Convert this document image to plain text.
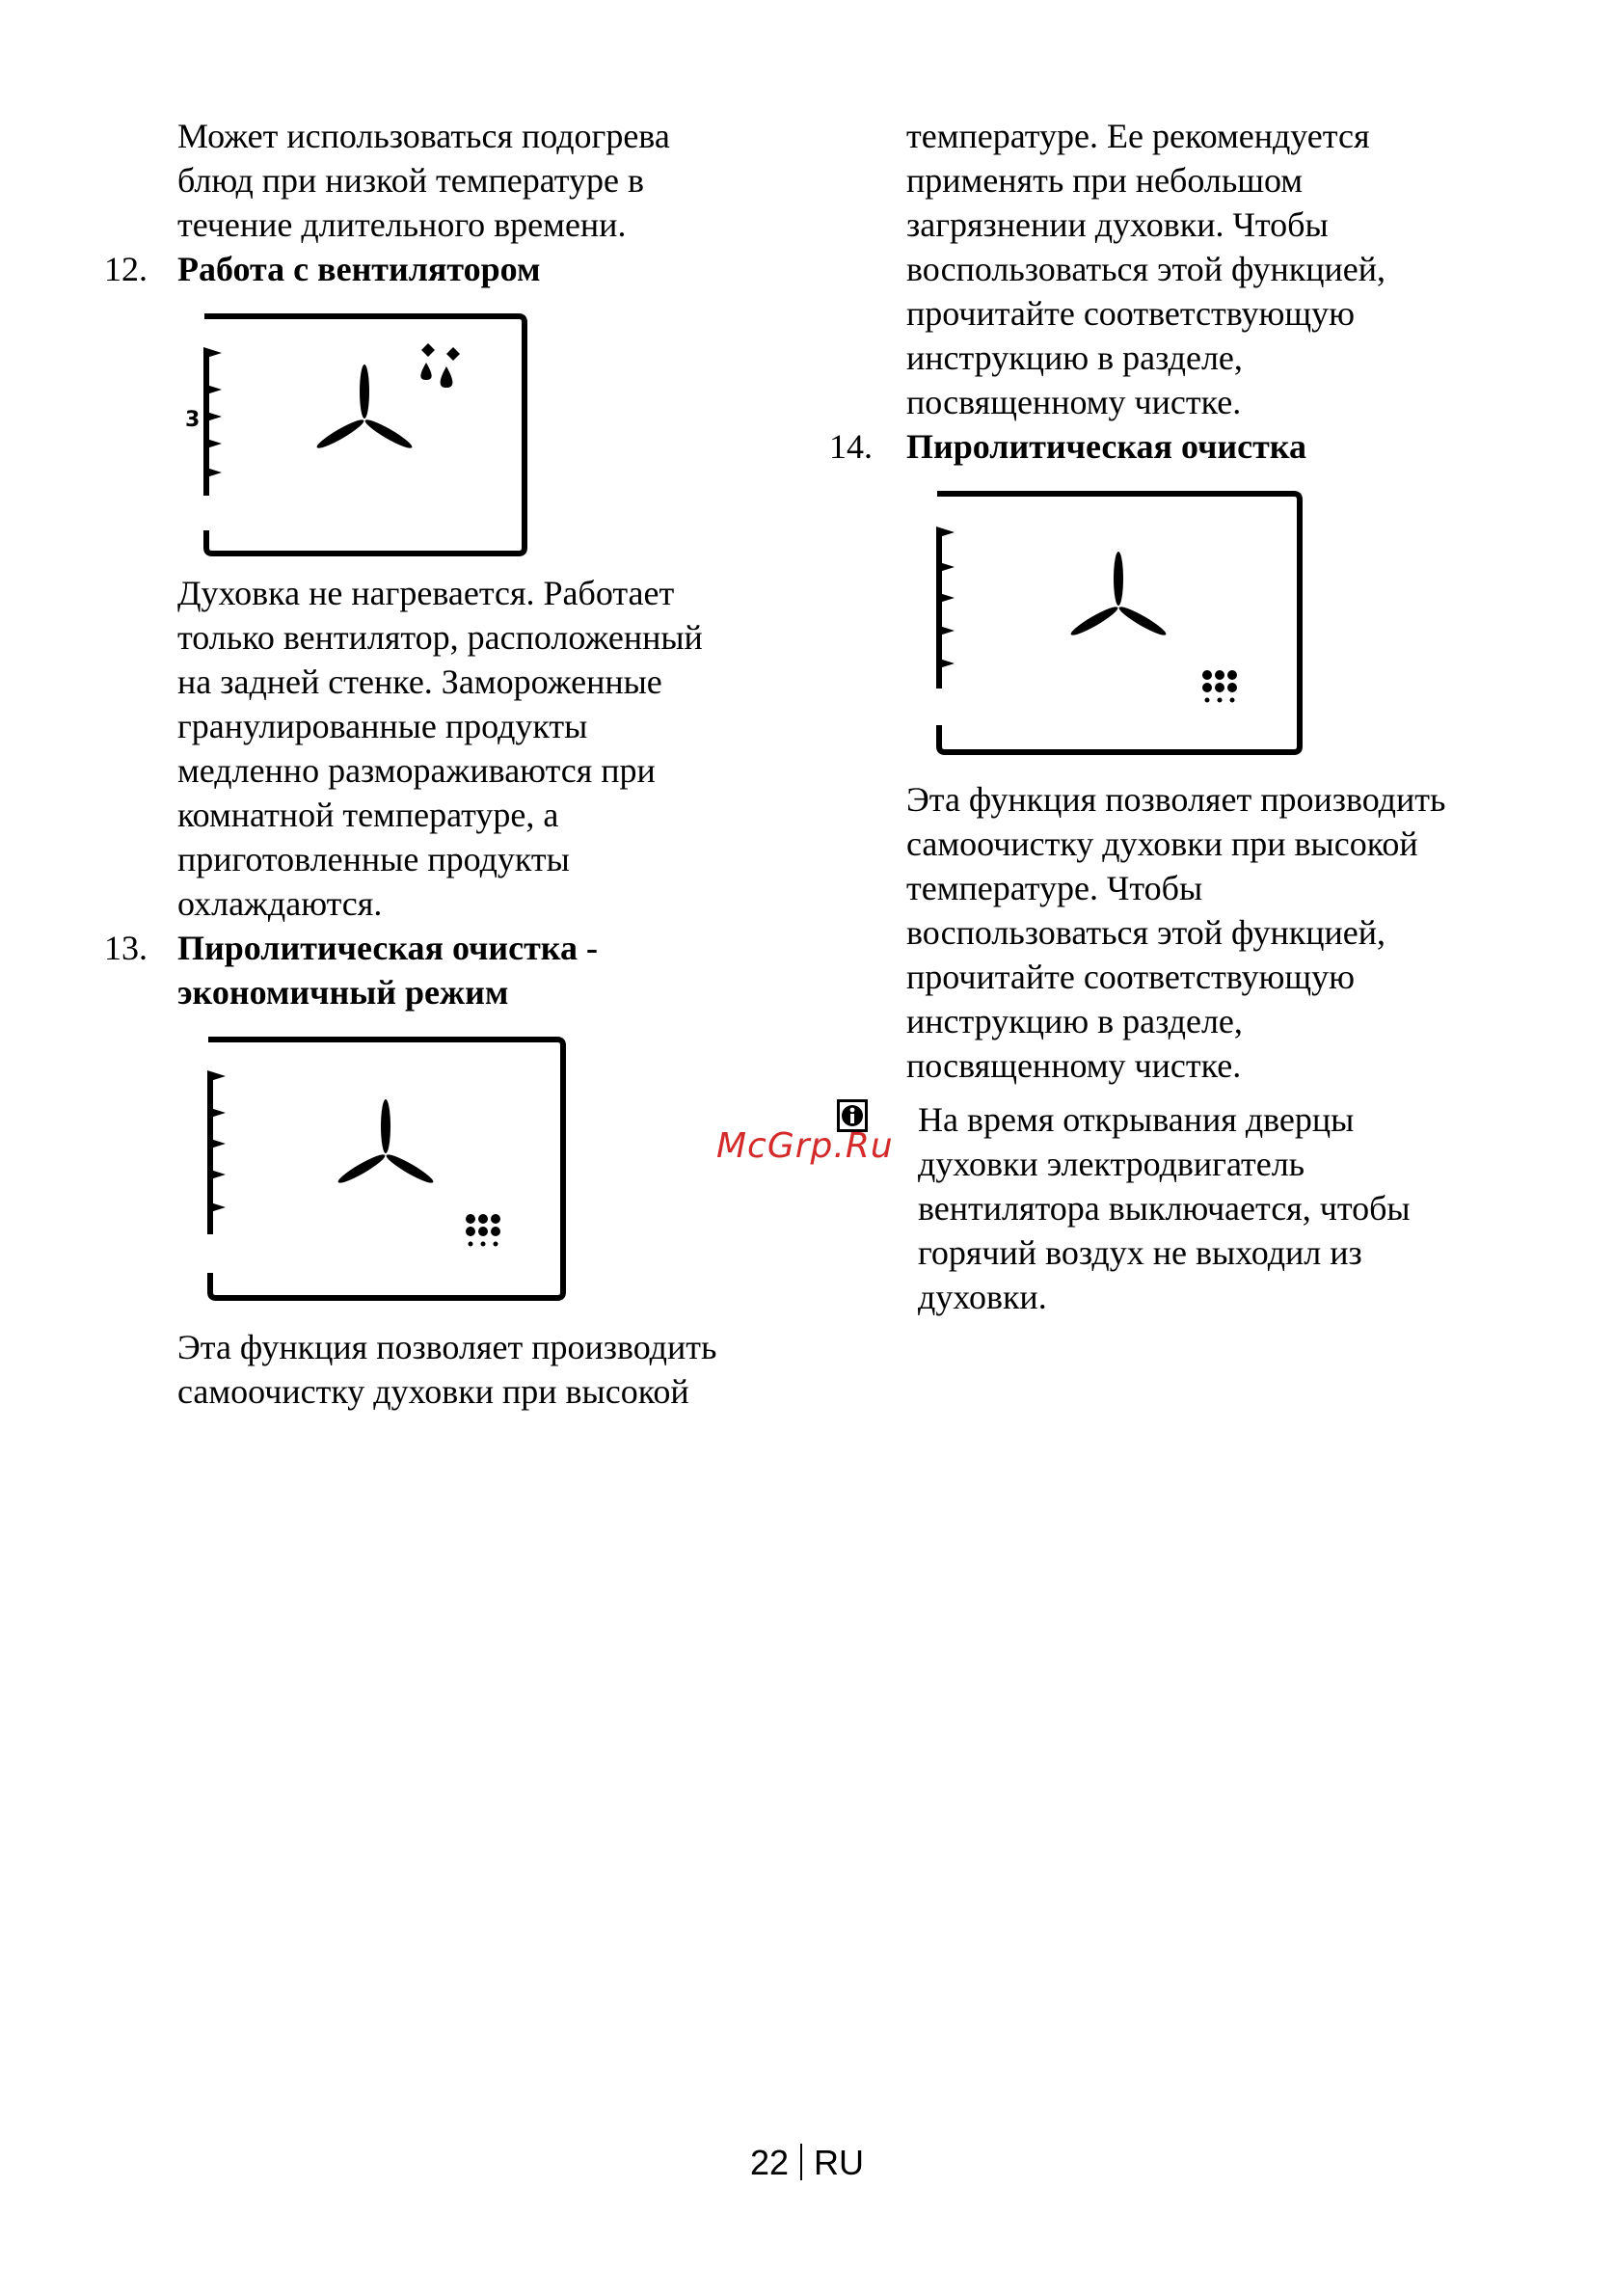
Может использоваться подогрева
блюд при низкой температуре в
течение длительного времени.

12. Работа с вентилятором
3

Духовка не нагревается. Работает
только вентилятор, расположенный
на задней стенке. Замороженные
гранулированные продукты
медленно размораживаются при
комнатной температуре, а
приготовленные продукты
охлаждаются.

13. Пиролитическая очистка -
экономичный режим

Эта функция позволяет производить
самоочистку духовки при высокой

температуре. Ее рекомендуется
применять при небольшом
загрязнении духовки. Чтобы
воспользоваться этой функцией,
прочитайте соответствующую
инструкцию в разделе,
посвященному чистке.

14. Пиролитическая очистка

Эта функция позволяет производить
самоочистку духовки при высокой
температуре. Чтобы
воспользоваться этой функцией,
прочитайте соответствующую
инструкцию в разделе,
посвященному чистке.

На время открывания дверцы
духовки электродвигатель
вентилятора выключается, чтобы
горячий воздух не выходил из
духовки.

McGrp.Ru
22 RU
